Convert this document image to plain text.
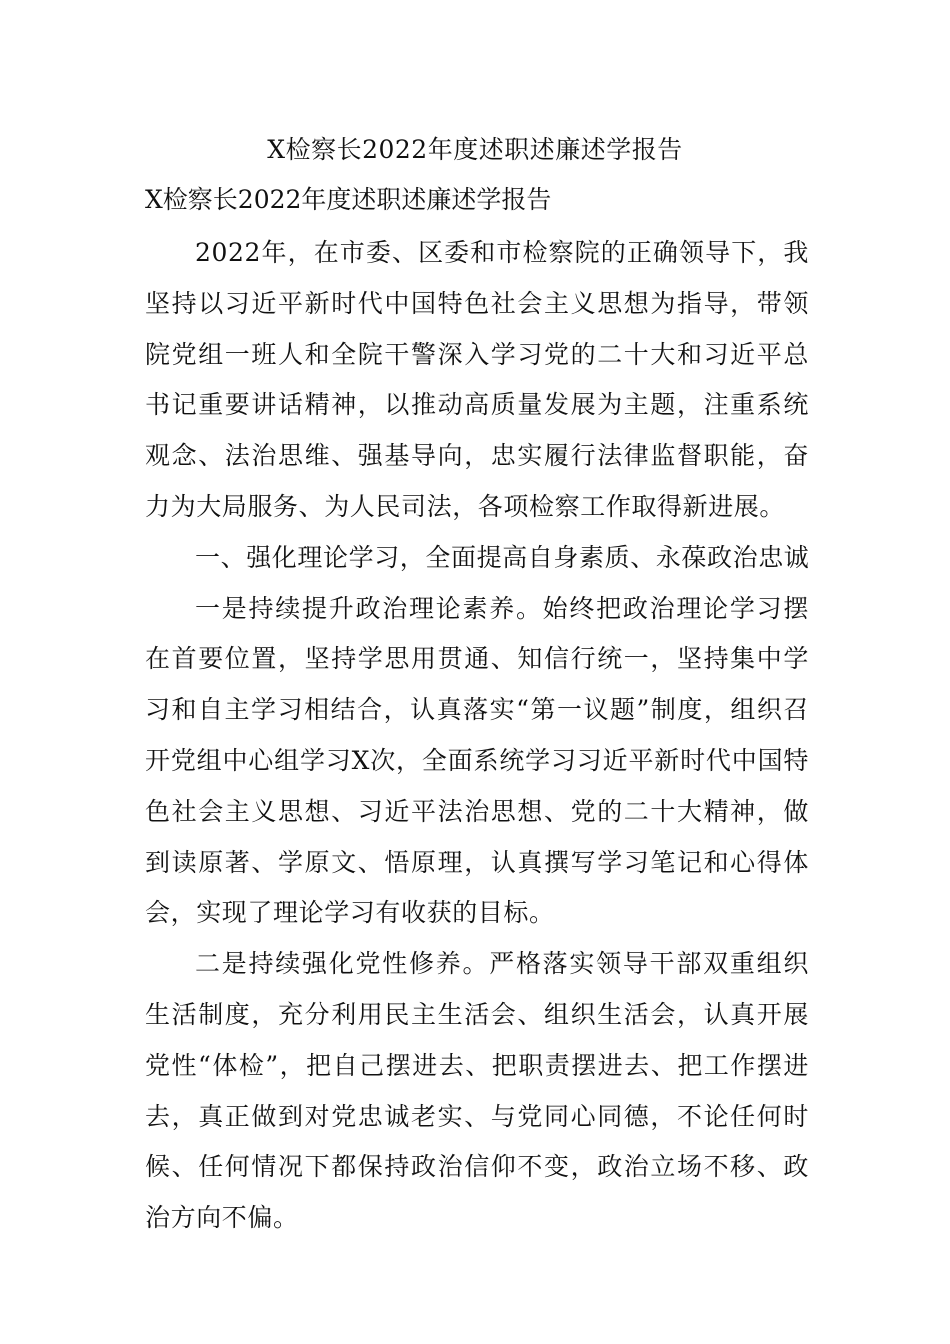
X检察长2022年度述职述廉述学报告
X检察长2022年度述职述廉述学报告

2022年，在市委、区委和市检察院的正确领导下，我坚持以习近平新时代中国特色社会主义思想为指导，带领院党组一班人和全院干警深入学习党的二十大和习近平总书记重要讲话精神，以推动高质量发展为主题，注重系统观念、法治思维、强基导向，忠实履行法律监督职能，奋力为大局服务、为人民司法，各项检察工作取得新进展。

一、强化理论学习，全面提高自身素质、永葆政治忠诚

一是持续提升政治理论素养。始终把政治理论学习摆在首要位置，坚持学思用贯通、知信行统一，坚持集中学习和自主学习相结合，认真落实“第一议题”制度，组织召开党组中心组学习X次，全面系统学习习近平新时代中国特色社会主义思想、习近平法治思想、党的二十大精神，做到读原著、学原文、悟原理，认真撰写学习笔记和心得体会，实现了理论学习有收获的目标。

二是持续强化党性修养。严格落实领导干部双重组织生活制度，充分利用民主生活会、组织生活会，认真开展党性“体检”，把自己摆进去、把职责摆进去、把工作摆进去，真正做到对党忠诚老实、与党同心同德，不论任何时候、任何情况下都保持政治信仰不变，政治立场不移、政治方向不偏。
